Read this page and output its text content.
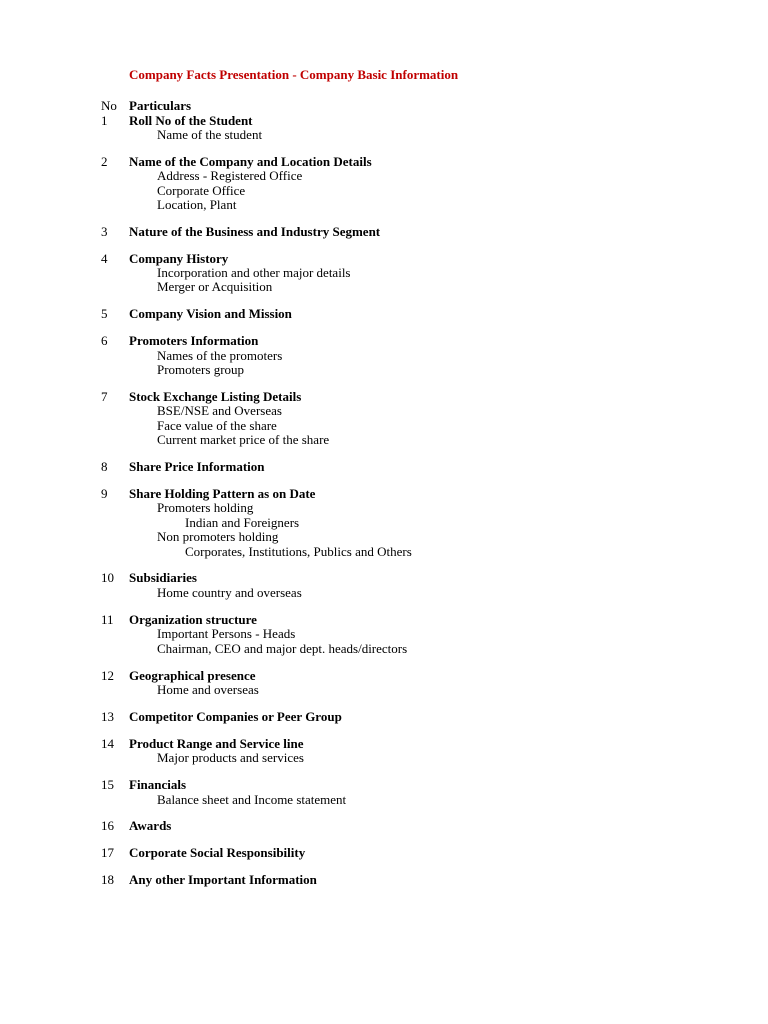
Company Facts Presentation - Company Basic Information
No Particulars
1	Roll No of the Student
Name of the student
2	Name of the Company and Location Details
Address - Registered Office
Corporate Office
Location, Plant
3	Nature of the Business and Industry Segment
4	Company History
Incorporation and other major details
Merger or Acquisition
5	Company Vision and Mission
6	Promoters Information
Names of the promoters
Promoters group
7	Stock Exchange Listing Details
BSE/NSE and Overseas
Face value of the share
Current market price of the share
8	Share Price Information
9	Share Holding Pattern as on Date
Promoters holding
Indian and Foreigners
Non promoters holding
Corporates, Institutions, Publics and Others
10	Subsidiaries
Home country and overseas
11	Organization structure
Important Persons - Heads
Chairman, CEO and major dept. heads/directors
12	Geographical presence
Home and overseas
13	Competitor Companies or Peer Group
14	Product Range and Service line
Major products and services
15	Financials
Balance sheet and Income statement
16	Awards
17	Corporate Social Responsibility
18	Any other Important Information
